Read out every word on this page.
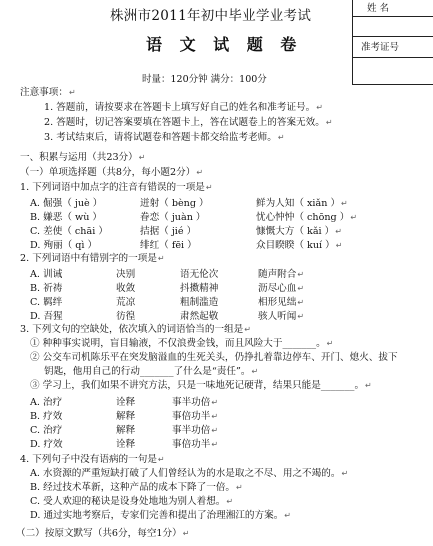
株洲市2011年初中毕业学业考试
语 文 试 题 卷
时量：120分钟 满分：100分
姓 名
准考证号
注意事项：↵
1. 答题前，请按要求在答题卡上填写好自己的姓名和准考证号。↵
2. 答题时，切记答案要填在答题卡上，答在试题卷上的答案无效。↵
3. 考试结束后，请将试题卷和答题卡都交给监考老师。↵
一、积累与运用（共23分）↵
（一）单项选择题（共8分，每小题2分）↵
1. 下列词语中加点字的注音有错误的一项是↵
A. 倔强（ juè ）	迸射（ bèng ）	鲜为人知（ xiǎn ）↵
B. 嫌恶（ wù ）	眷恋（ juàn ）	忧心忡忡（ chōng ）↵
C. 差使（ chāi ）	拮据（ jié ）	慷慨大方（ kǎi ）↵
D. 殉丽（ qì ）	绯红（ fēi ）	众目睽睽（ kuí ）↵
2. 下列词语中有错别字的一项是↵
A. 训诫	决别	语无伦次	随声附合↵
B. 祈祷	收敛	抖擞精神	沥尽心血↵
C. 羁绊	荒凉	粗制滥造	相形见绌↵
D. 吾猩	彷徨	肃然起敬	骇人听闻↵
3. 下列文句的空缺处，依次填入的词语恰当的一组是↵
① 种种事实说明，盲目输液，不仅浪费金钱，而且风险大于_______。↵
② 公交车司机陈乐平在突发脑溢血的生死关头，仍挣扎着靠边停车、开门、熄火、拔下
钥匙，他用自己的行动_______了什么是“责任”。↵
③ 学习上，我们如果不讲究方法，只是一味地死记硬背，结果只能是_______。↵
A. 治疗	诠释	事半功倍↵
B. 疗效	解释	事倍功半↵
C. 治疗	解释	事半功倍↵
D. 疗效	诠释	事倍功半↵
4. 下列句子中没有语病的一句是↵
A. 水资源的严重短缺打破了人们曾经认为的水是取之不尽、用之不竭的。↵
B. 经过技术革新，这种产品的成本下降了一倍。↵
C. 受人欢迎的秘诀是设身处地地为别人着想。↵
D. 通过实地考察后，专家们完善和提出了治理湘江的方案。↵
（二）按原文默写（共6分，每空1分）↵
